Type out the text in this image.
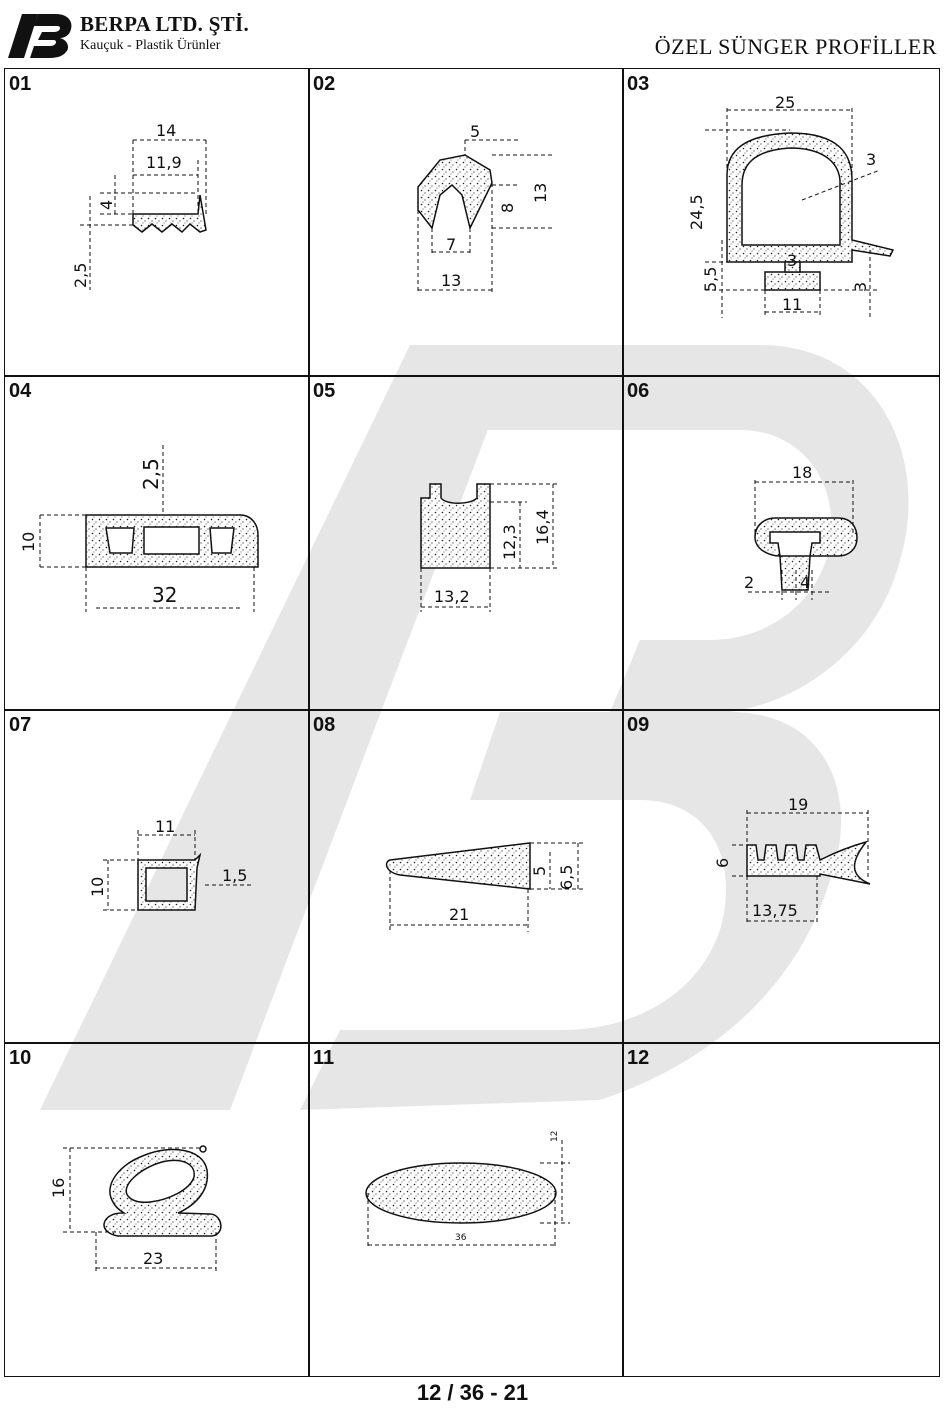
BERPA LTD. ŞTİ.
Kauçuk - Plastik Ürünler	ÖZEL SÜNGER PROFİLLER
01	02	03
04	05	06
07	08	09
10	11	12
14
11,9
4
2,5
5
13
8
7
13
25
3
24,5
5,5
3
3
11
2,5
10
32
12,3 16,4
13,2
18
2	4
11
10
1,5	5 6,5
21
19
6
13,75
16
23
12
36
12 / 36 - 21
